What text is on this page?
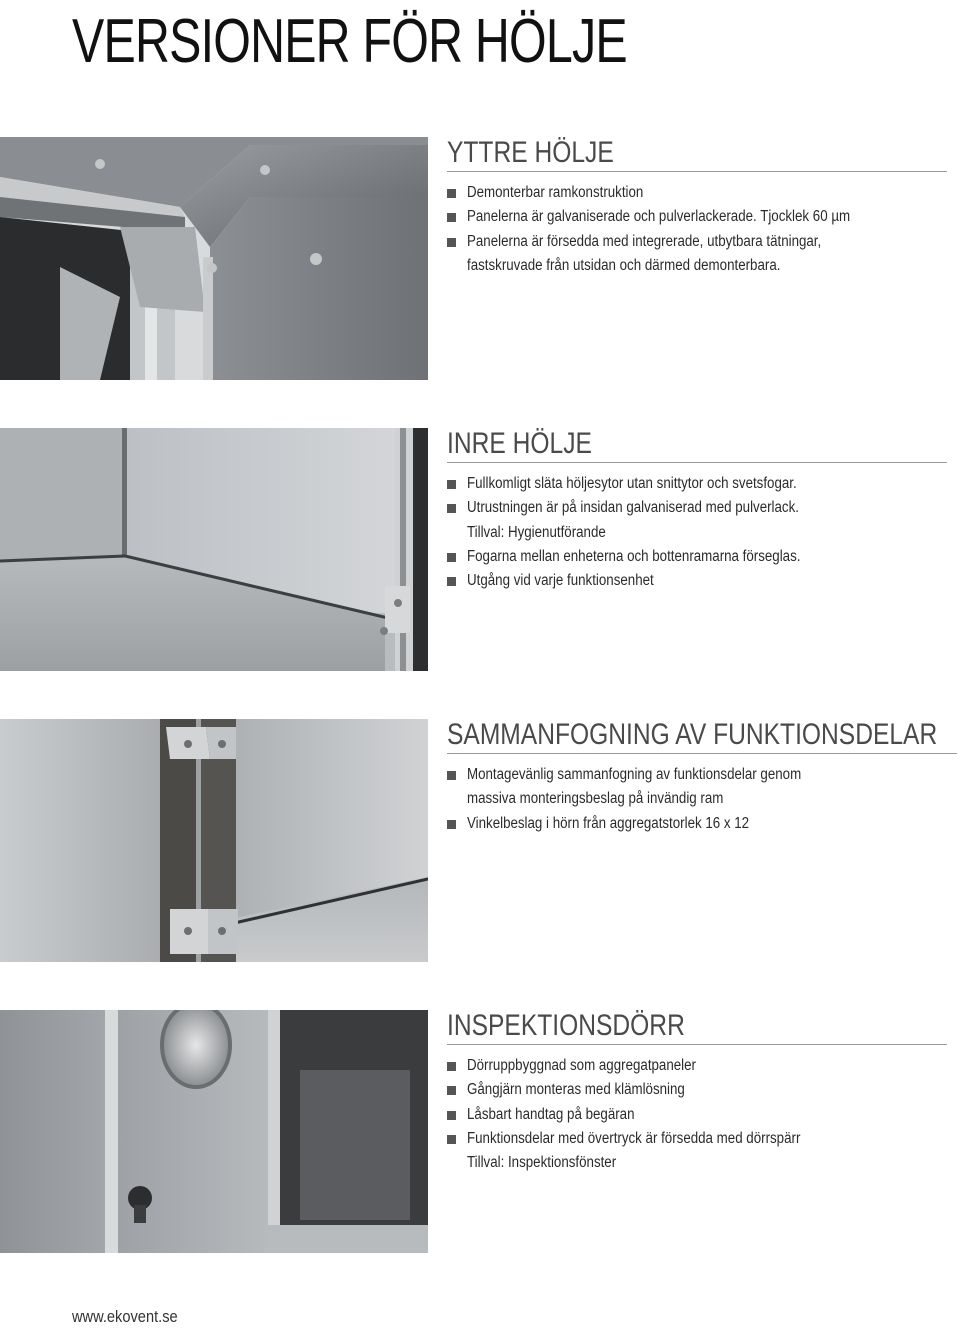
VERSIONER FÖR HÖLJE
YTTRE HÖLJE
Demonterbar ramkonstruktion
Panelerna är galvaniserade och pulverlackerade. Tjocklek 60 µm
Panelerna är försedda med integrerade, utbytbara tätningar,
fastskruvade från utsidan och därmed demonterbara.
INRE HÖLJE
Fullkomligt släta höljesytor utan snittytor och svetsfogar.
Utrustningen är på insidan galvaniserad med pulverlack.
Tillval: Hygienutförande
Fogarna mellan enheterna och bottenramarna förseglas.
Utgång vid varje funktionsenhet
SAMMANFOGNING AV FUNKTIONSDELAR
Montagevänlig sammanfogning av funktionsdelar genom
massiva monteringsbeslag på invändig ram
Vinkelbeslag i hörn från aggregatstorlek 16 x 12
INSPEKTIONSDÖRR
Dörruppbyggnad som aggregatpaneler
Gångjärn monteras med klämlösning
Låsbart handtag på begäran
Funktionsdelar med övertryck är försedda med dörrspärr
Tillval: Inspektionsfönster
www.ekovent.se
